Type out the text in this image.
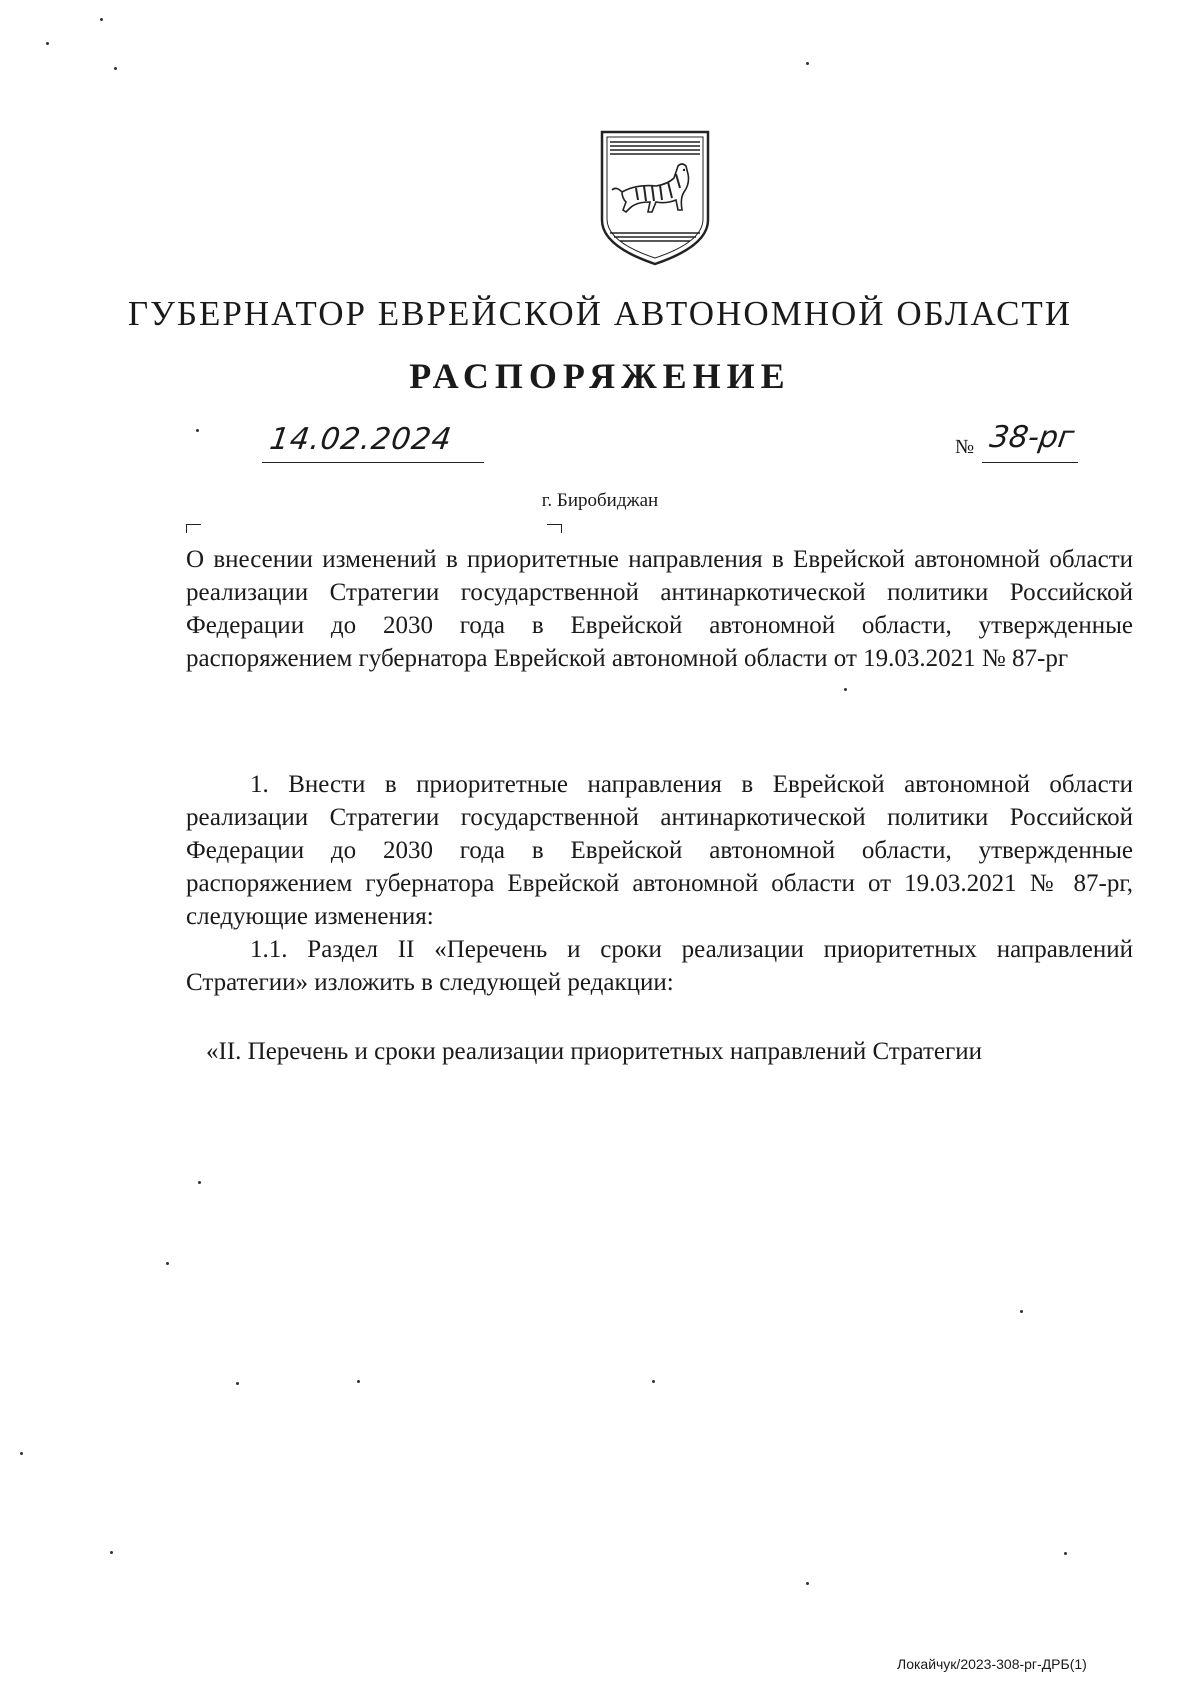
ГУБЕРНАТОР ЕВРЕЙСКОЙ АВТОНОМНОЙ ОБЛАСТИ
РАСПОРЯЖЕНИЕ
14.02.2024	№ 38-рг
г. Биробиджан

О внесении изменений в приоритетные направления в Еврейской автономной области реализации Стратегии государственной антинаркотической политики Российской Федерации до 2030 года в Еврейской автономной области, утвержденные распоряжением губернатора Еврейской автономной области от 19.03.2021 № 87-рг

1. Внести в приоритетные направления в Еврейской автономной области реализации Стратегии государственной антинаркотической политики Российской Федерации до 2030 года в Еврейской автономной области, утвержденные распоряжением губернатора Еврейской автономной области от 19.03.2021 № 87-рг, следующие изменения:

1.1. Раздел II «Перечень и сроки реализации приоритетных направлений Стратегии» изложить в следующей редакции:

«II. Перечень и сроки реализации приоритетных направлений Стратегии
Локайчук/2023-308-рг-ДРБ(1)
